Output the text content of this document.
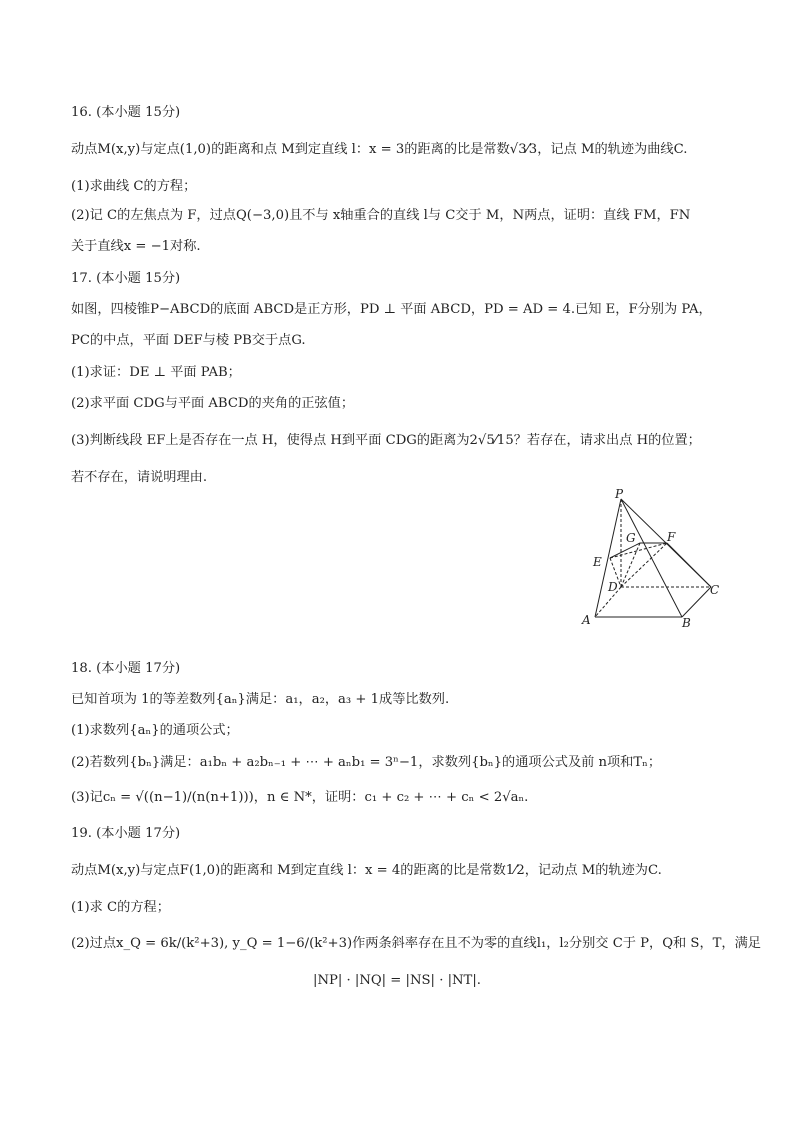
16. (本小题 15分)
动点M(x,y)与定点(1,0)的距离和点 M到定直线 l：x = 3的距离的比是常数√3⁄3，记点 M的轨迹为曲线C.
(1)求曲线 C的方程；
(2)记 C的左焦点为 F，过点Q(−3,0)且不与 x轴重合的直线 l与 C交于 M，N两点，证明：直线 FM，FN
关于直线x = −1对称.
17. (本小题 15分)
如图，四棱锥P−ABCD的底面 ABCD是正方形，PD ⊥ 平面 ABCD，PD = AD = 4.已知 E，F分别为 PA，
PC的中点，平面 DEF与棱 PB交于点G.
(1)求证：DE ⊥ 平面 PAB；
(2)求平面 CDG与平面 ABCD的夹角的正弦值；
(3)判断线段 EF上是否存在一点 H，使得点 H到平面 CDG的距离为2√5⁄15？若存在，请求出点 H的位置；
若不存在，请说明理由.
P
G	F
E
D	C
A	B
18. (本小题 17分)
已知首项为 1的等差数列{aₙ}满足：a₁，a₂，a₃ + 1成等比数列.
(1)求数列{aₙ}的通项公式；
(2)若数列{bₙ}满足：a₁bₙ + a₂bₙ₋₁ + ⋯ + aₙb₁ = 3ⁿ−1，求数列{bₙ}的通项公式及前 n项和Tₙ；
(3)记cₙ = √((n−1)/(n(n+1)))，n ∈ N*，证明：c₁ + c₂ + ⋯ + cₙ < 2√aₙ.
19. (本小题 17分)
动点M(x,y)与定点F(1,0)的距离和 M到定直线 l：x = 4的距离的比是常数1⁄2，记动点 M的轨迹为C.
(1)求 C的方程；
(2)过点x_Q = 6k/(k²+3), y_Q = 1−6/(k²+3)作两条斜率存在且不为零的直线l₁，l₂分别交 C于 P，Q和 S，T，满足
|NP| · |NQ| = |NS| · |NT|.
